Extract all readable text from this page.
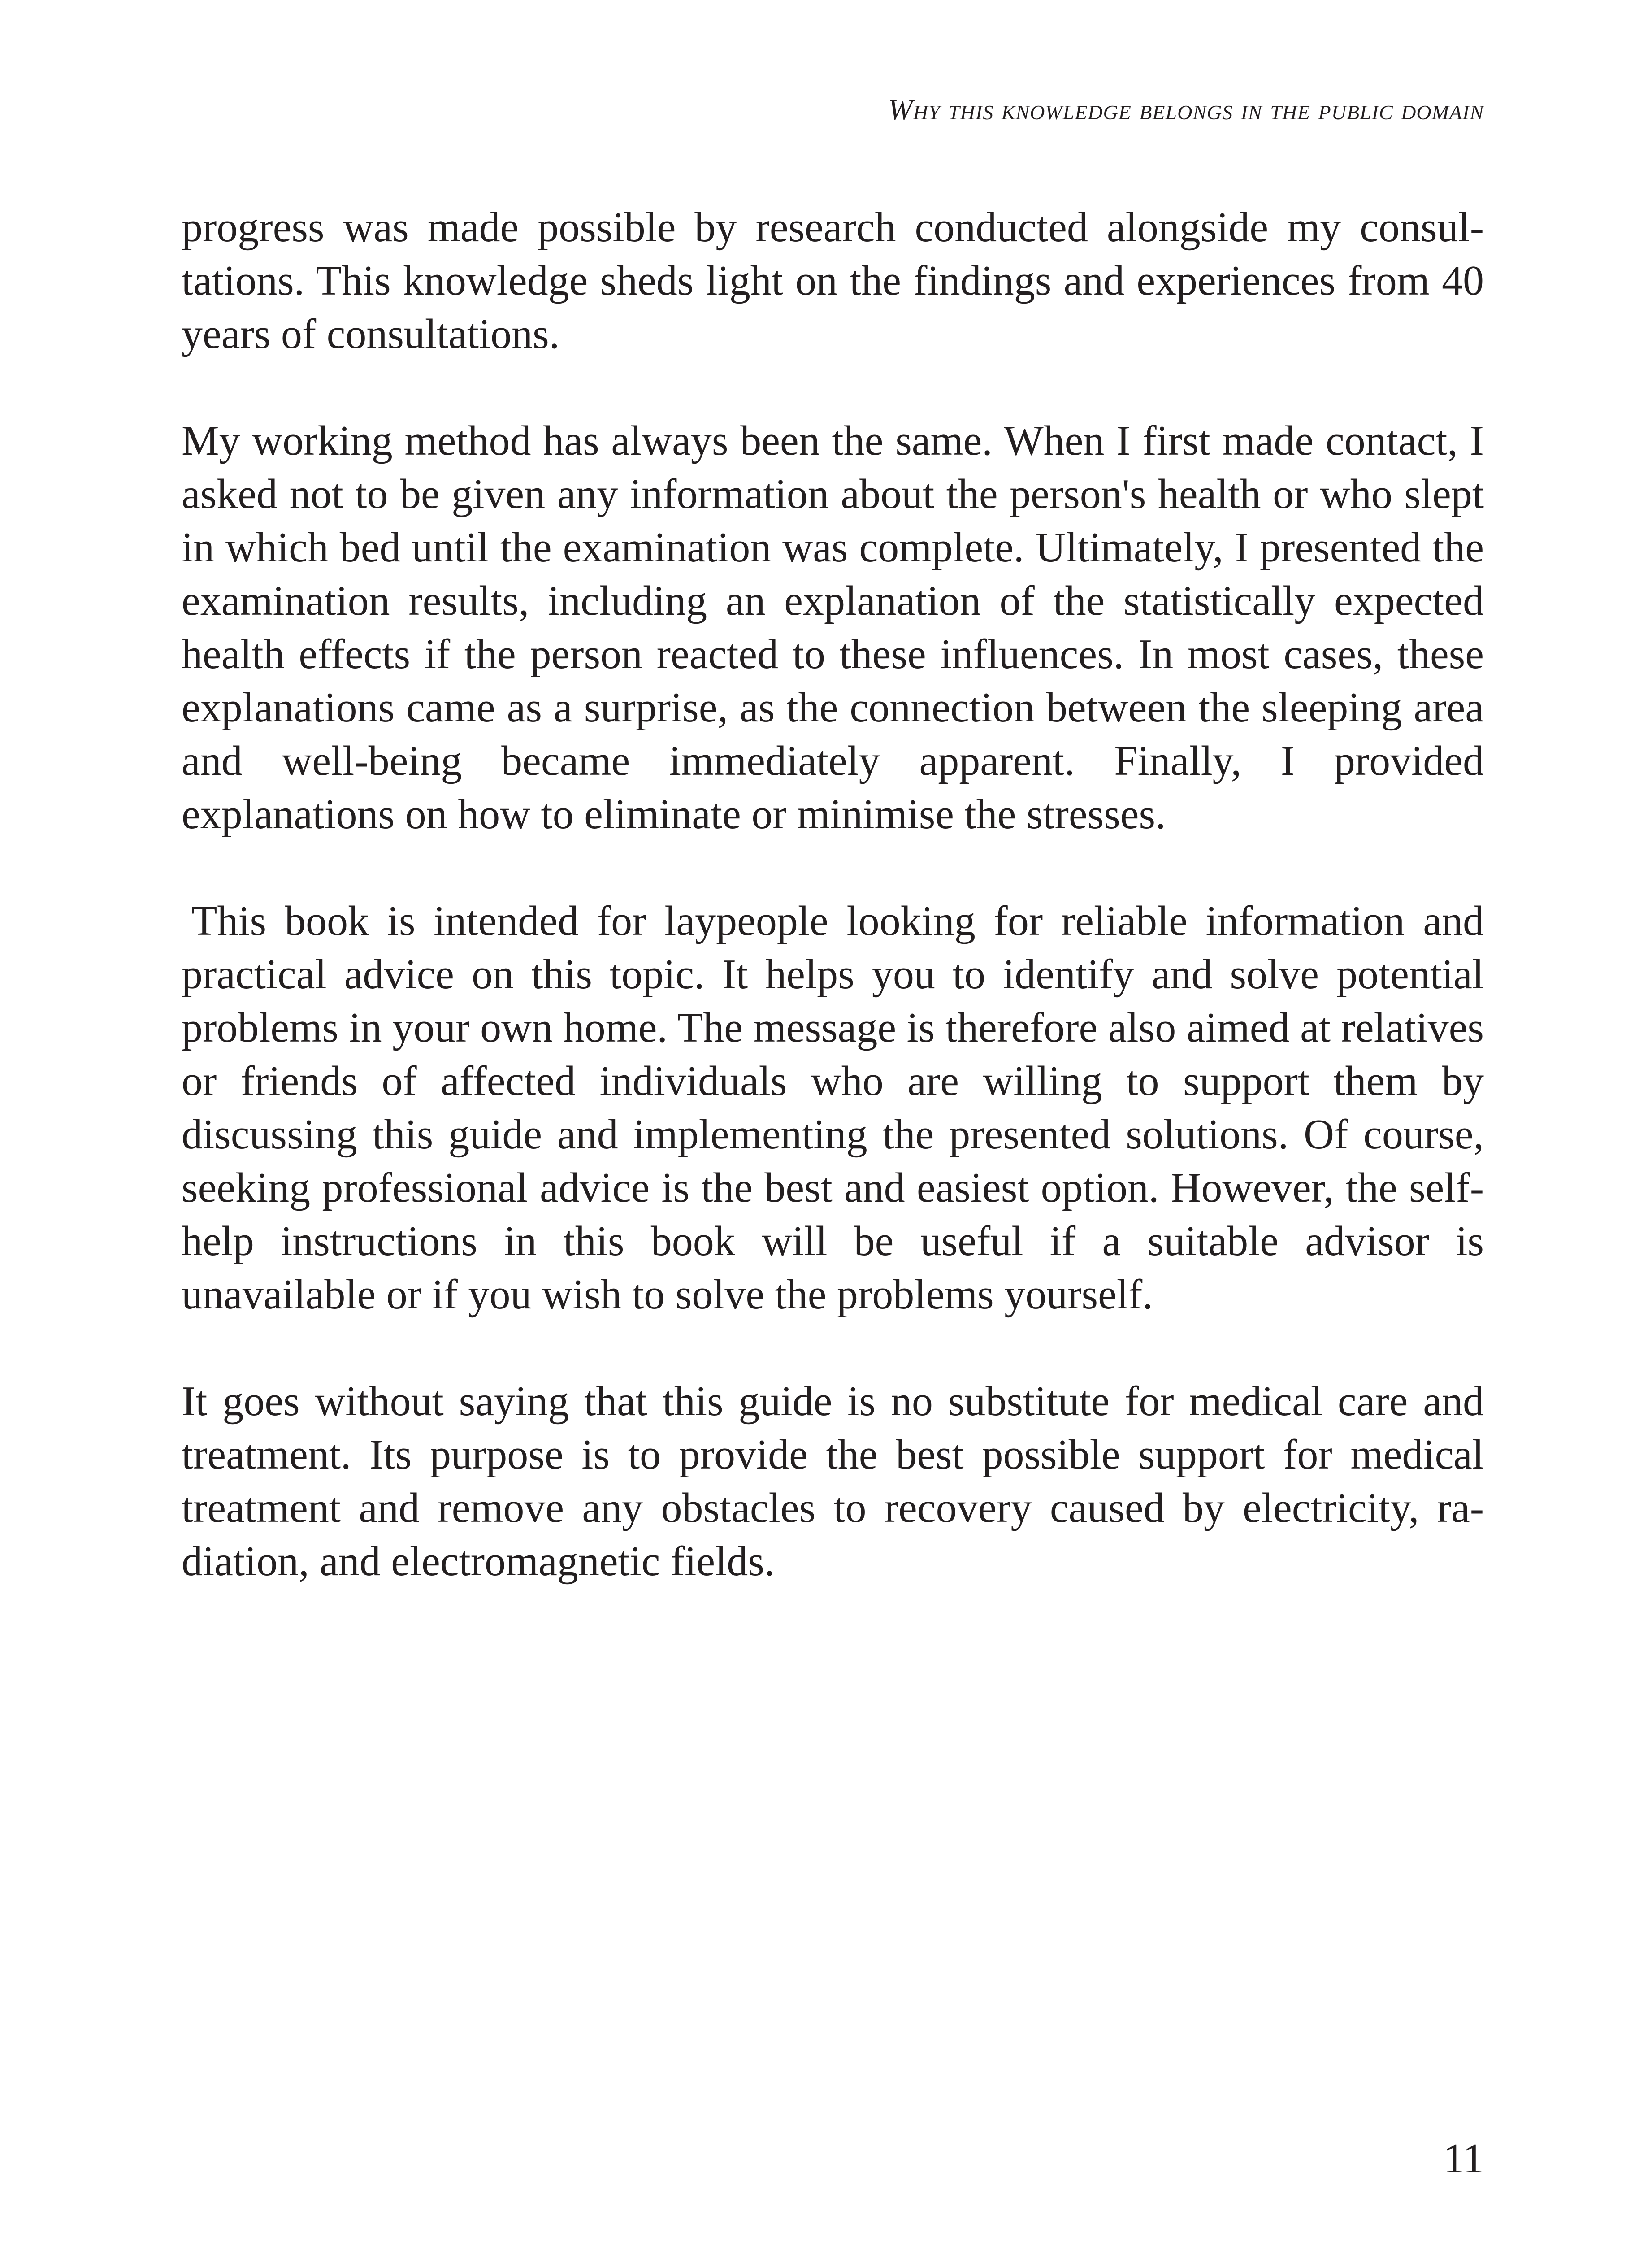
Why this knowledge belongs in the public domain

progress was made possible by research conducted alongside my consultations. This knowledge sheds light on the findings and experiences from 40 years of consultations.

My working method has always been the same. When I first made contact, I asked not to be given any information about the person's health or who slept in which bed until the examination was complete. Ultimately, I presented the examination results, including an explanation of the statistically expected health effects if the person reacted to these influences. In most cases, these explanations came as a surprise, as the connection between the sleeping area and well-being became immediately apparent. Finally, I provided explanations on how to eliminate or minimise the stresses.

This book is intended for laypeople looking for reliable information and practical advice on this topic. It helps you to identify and solve potential problems in your own home. The message is therefore also aimed at relatives or friends of affected individuals who are willing to support them by discussing this guide and implementing the presented solutions. Of course, seeking professional advice is the best and easiest option. However, the self-help instructions in this book will be useful if a suitable advisor is unavailable or if you wish to solve the problems yourself.

It goes without saying that this guide is no substitute for medical care and treatment. Its purpose is to provide the best possible support for medical treatment and remove any obstacles to recovery caused by electricity, radiation, and electromagnetic fields.

11
